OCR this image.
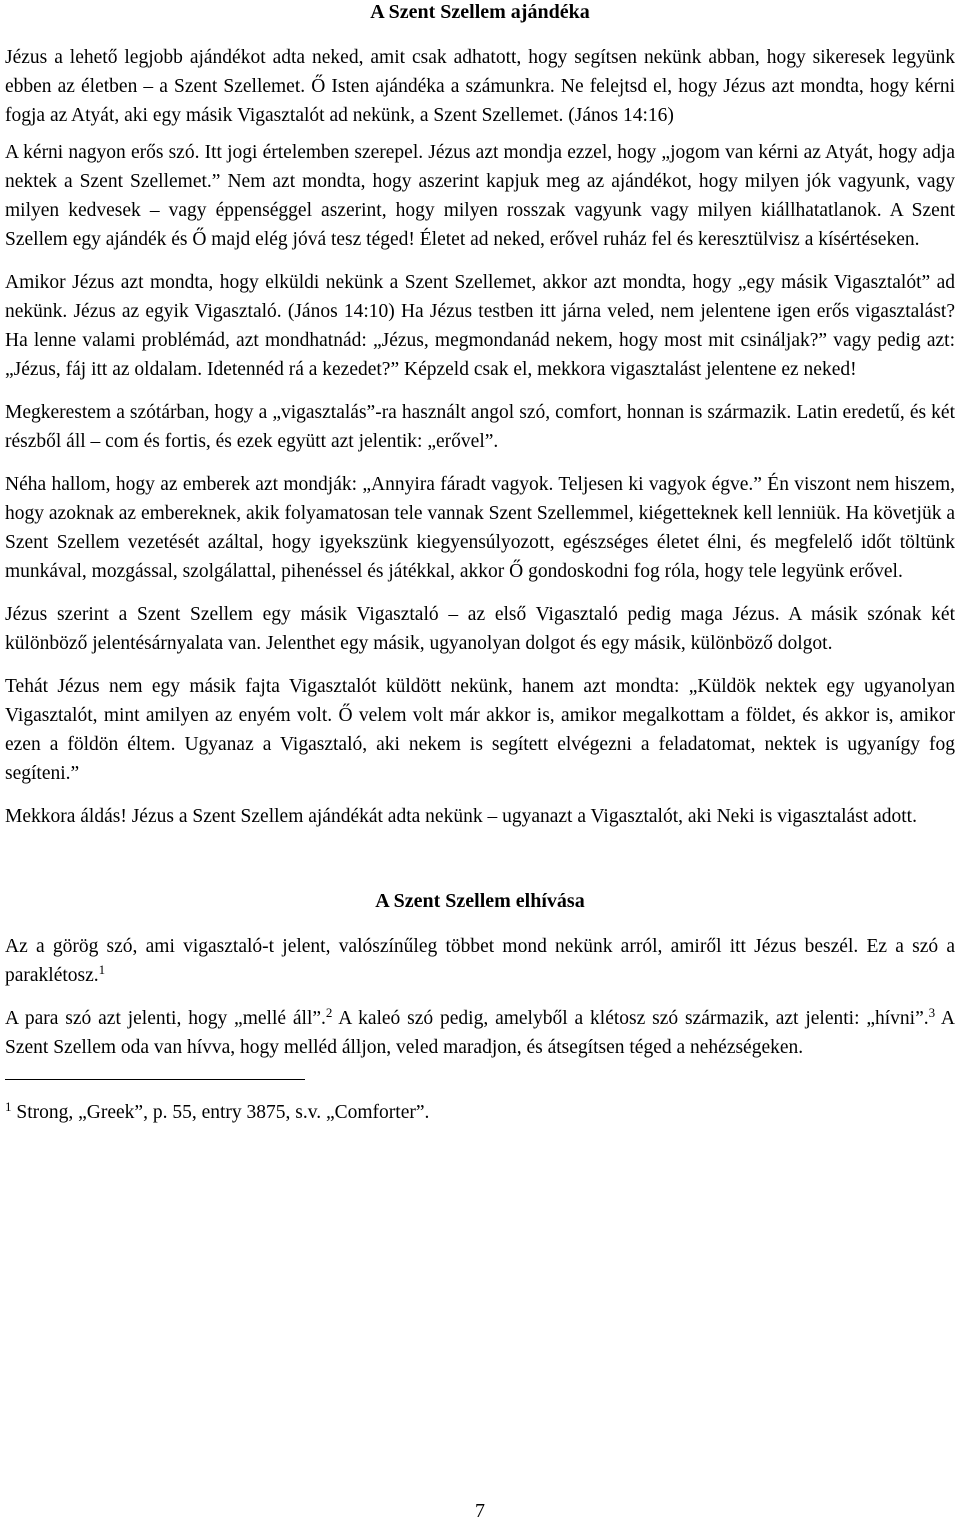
A Szent Szellem ajándéka

Jézus a lehető legjobb ajándékot adta neked, amit csak adhatott, hogy segítsen nekünk abban, hogy sikeresek legyünk ebben az életben – a Szent Szellemet. Ő Isten ajándéka a számunkra. Ne felejtsd el, hogy Jézus azt mondta, hogy kérni fogja az Atyát, aki egy másik Vigasztalót ad nekünk, a Szent Szellemet. (János 14:16)

A kérni nagyon erős szó. Itt jogi értelemben szerepel. Jézus azt mondja ezzel, hogy „jogom van kérni az Atyát, hogy adja nektek a Szent Szellemet.” Nem azt mondta, hogy aszerint kapjuk meg az ajándékot, hogy milyen jók vagyunk, vagy milyen kedvesek – vagy éppenséggel aszerint, hogy milyen rosszak vagyunk vagy milyen kiállhatatlanok. A Szent Szellem egy ajándék és Ő majd elég jóvá tesz téged! Életet ad neked, erővel ruház fel és keresztülvisz a kísértéseken.

Amikor Jézus azt mondta, hogy elküldi nekünk a Szent Szellemet, akkor azt mondta, hogy „egy másik Vigasztalót” ad nekünk. Jézus az egyik Vigasztaló. (János 14:10) Ha Jézus testben itt járna veled, nem jelentene igen erős vigasztalást? Ha lenne valami problémád, azt mondhatnád: „Jézus, megmondanád nekem, hogy most mit csináljak?” vagy pedig azt: „Jézus, fáj itt az oldalam. Idetennéd rá a kezedet?” Képzeld csak el, mekkora vigasztalást jelentene ez neked!

Megkerestem a szótárban, hogy a „vigasztalás”-ra használt angol szó, comfort, honnan is származik. Latin eredetű, és két részből áll – com és fortis, és ezek együtt azt jelentik: „erővel”.

Néha hallom, hogy az emberek azt mondják: „Annyira fáradt vagyok. Teljesen ki vagyok égve.” Én viszont nem hiszem, hogy azoknak az embereknek, akik folyamatosan tele vannak Szent Szellemmel, kiégetteknek kell lenniük. Ha követjük a Szent Szellem vezetését azáltal, hogy igyekszünk kiegyensúlyozott, egészséges életet élni, és megfelelő időt töltünk munkával, mozgással, szolgálattal, pihenéssel és játékkal, akkor Ő gondoskodni fog róla, hogy tele legyünk erővel.

Jézus szerint a Szent Szellem egy másik Vigasztaló – az első Vigasztaló pedig maga Jézus. A másik szónak két különböző jelentésárnyalata van. Jelenthet egy másik, ugyanolyan dolgot és egy másik, különböző dolgot.

Tehát Jézus nem egy másik fajta Vigasztalót küldött nekünk, hanem azt mondta: „Küldök nektek egy ugyanolyan Vigasztalót, mint amilyen az enyém volt. Ő velem volt már akkor is, amikor megalkottam a földet, és akkor is, amikor ezen a földön éltem. Ugyanaz a Vigasztaló, aki nekem is segített elvégezni a feladatomat, nektek is ugyanígy fog segíteni.”

Mekkora áldás! Jézus a Szent Szellem ajándékát adta nekünk – ugyanazt a Vigasztalót, aki Neki is vigasztalást adott.

A Szent Szellem elhívása

Az a görög szó, ami vigasztaló-t jelent, valószínűleg többet mond nekünk arról, amiről itt Jézus beszél. Ez a szó a paraklétosz.$^1$

A para szó azt jelenti, hogy „mellé áll”.$^2$ A kaleó szó pedig, amelyből a klétosz szó származik, azt jelenti: „hívni”.$^3$ A Szent Szellem oda van hívva, hogy melléd álljon, veled maradjon, és átsegítsen téged a nehézségeken.

$^1$ Strong, „Greek”, p. 55, entry 3875, s.v. „Comforter”.

7
